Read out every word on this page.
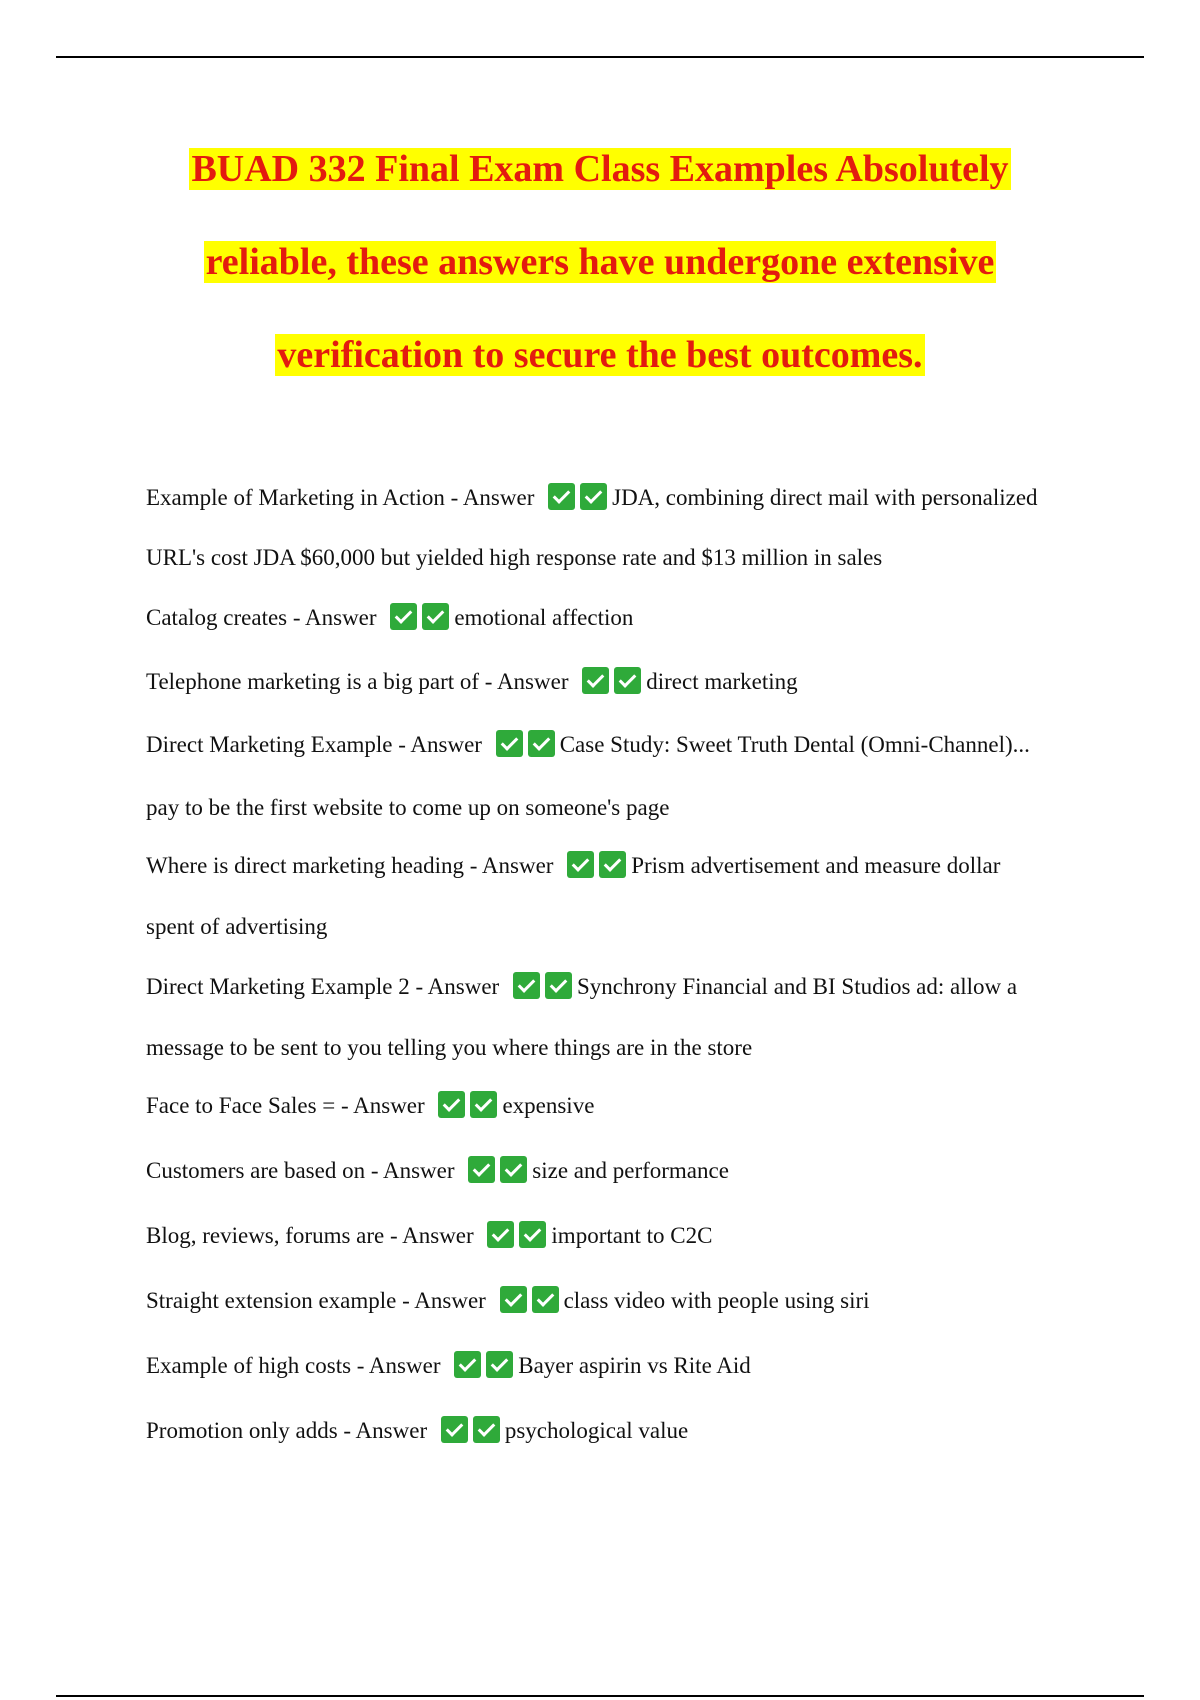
BUAD 332 Final Exam Class Examples Absolutely
reliable, these answers have undergone extensive
verification to secure the best outcomes.
Example of Marketing in Action - Answer	JDA, combining direct mail with personalized
URL's cost JDA $60,000 but yielded high response rate and $13 million in sales
Catalog creates - Answer	emotional affection
Telephone marketing is a big part of - Answer	direct marketing
Direct Marketing Example - Answer	Case Study: Sweet Truth Dental (Omni-Channel)...
pay to be the first website to come up on someone's page
Where is direct marketing heading - Answer	Prism advertisement and measure dollar
spent of advertising
Direct Marketing Example 2 - Answer	Synchrony Financial and BI Studios ad: allow a
message to be sent to you telling you where things are in the store
Face to Face Sales = - Answer	expensive
Customers are based on - Answer	size and performance
Blog, reviews, forums are - Answer	important to C2C
Straight extension example - Answer	class video with people using siri
Example of high costs - Answer	Bayer aspirin vs Rite Aid
Promotion only adds - Answer	psychological value
